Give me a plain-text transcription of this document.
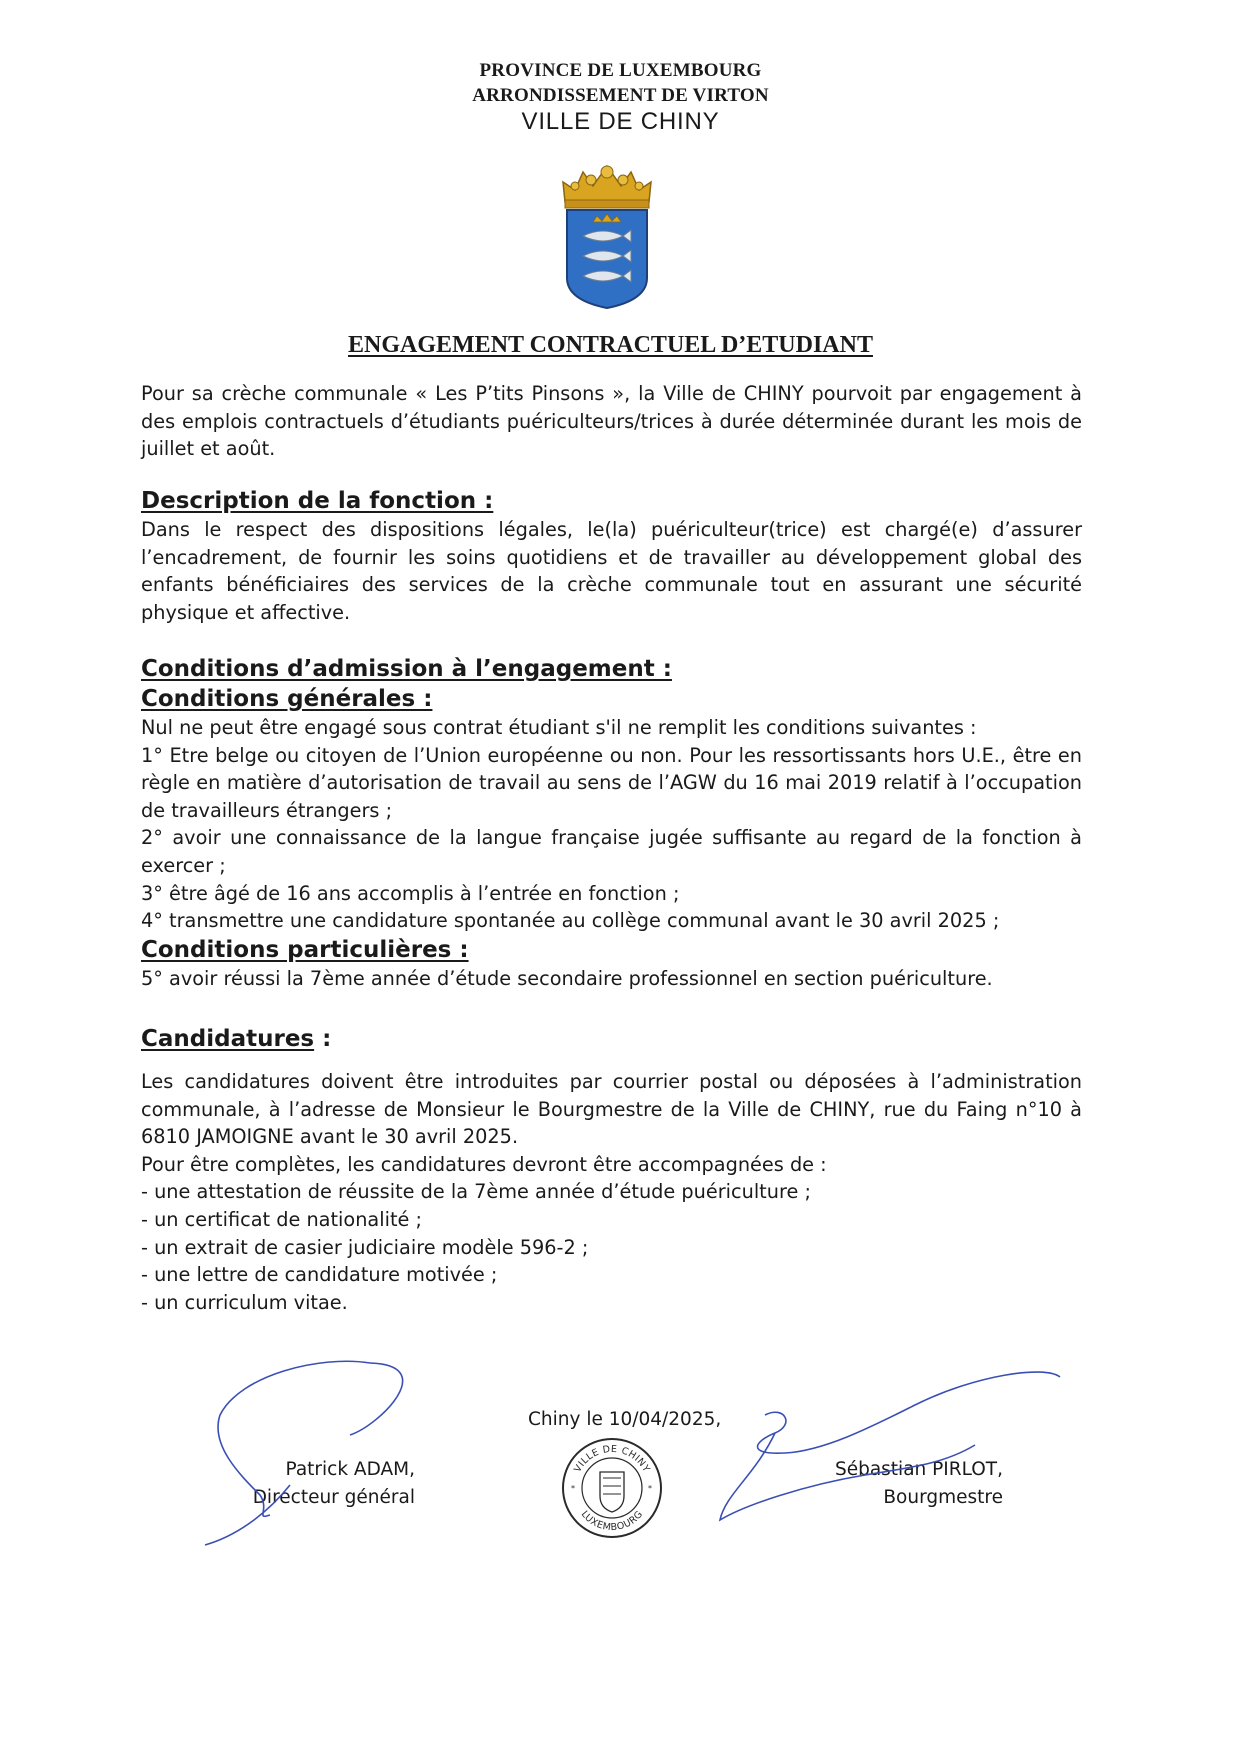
PROVINCE DE LUXEMBOURG
ARRONDISSEMENT DE VIRTON
VILLE DE CHINY
ENGAGEMENT CONTRACTUEL D’ETUDIANT
Pour sa crèche communale « Les P’tits Pinsons », la Ville de CHINY pourvoit par engagement à des emplois contractuels d’étudiants puériculteurs/trices à durée déterminée durant les mois de juillet et août.
Description de la fonction :
Dans le respect des dispositions légales, le(la) puériculteur(trice) est chargé(e) d’assurer l’encadrement, de fournir les soins quotidiens et de travailler au développement global des enfants bénéficiaires des services de la crèche communale tout en assurant une sécurité physique et affective.
Conditions d’admission à l’engagement :
Conditions générales :
Nul ne peut être engagé sous contrat étudiant s'il ne remplit les conditions suivantes :
1° Etre belge ou citoyen de l’Union européenne ou non. Pour les ressortissants hors U.E., être en règle en matière d’autorisation de travail au sens de l’AGW du 16 mai 2019 relatif à l’occupation de travailleurs étrangers ;
2° avoir une connaissance de la langue française jugée suffisante au regard de la fonction à exercer ;
3° être âgé de 16 ans accomplis à l’entrée en fonction ;
4° transmettre une candidature spontanée au collège communal avant le 30 avril 2025 ;
Conditions particulières :
5° avoir réussi la 7ème année d’étude secondaire professionnel en section puériculture.
Candidatures :
Les candidatures doivent être introduites par courrier postal ou déposées à l’administration communale, à l’adresse de Monsieur le Bourgmestre de la Ville de CHINY, rue du Faing n°10 à 6810 JAMOIGNE avant le 30 avril 2025.
Pour être complètes, les candidatures devront être accompagnées de :
- une attestation de réussite de la 7ème année d’étude puériculture ;
- un certificat de nationalité ;
- un extrait de casier judiciaire modèle 596-2 ;
- une lettre de candidature motivée ;
- un curriculum vitae.
Chiny le 10/04/2025,
Patrick ADAM,
Directeur général
Sébastian PIRLOT,
Bourgmestre
VILLE DE CHINY
LUXEMBOURG
*	*
